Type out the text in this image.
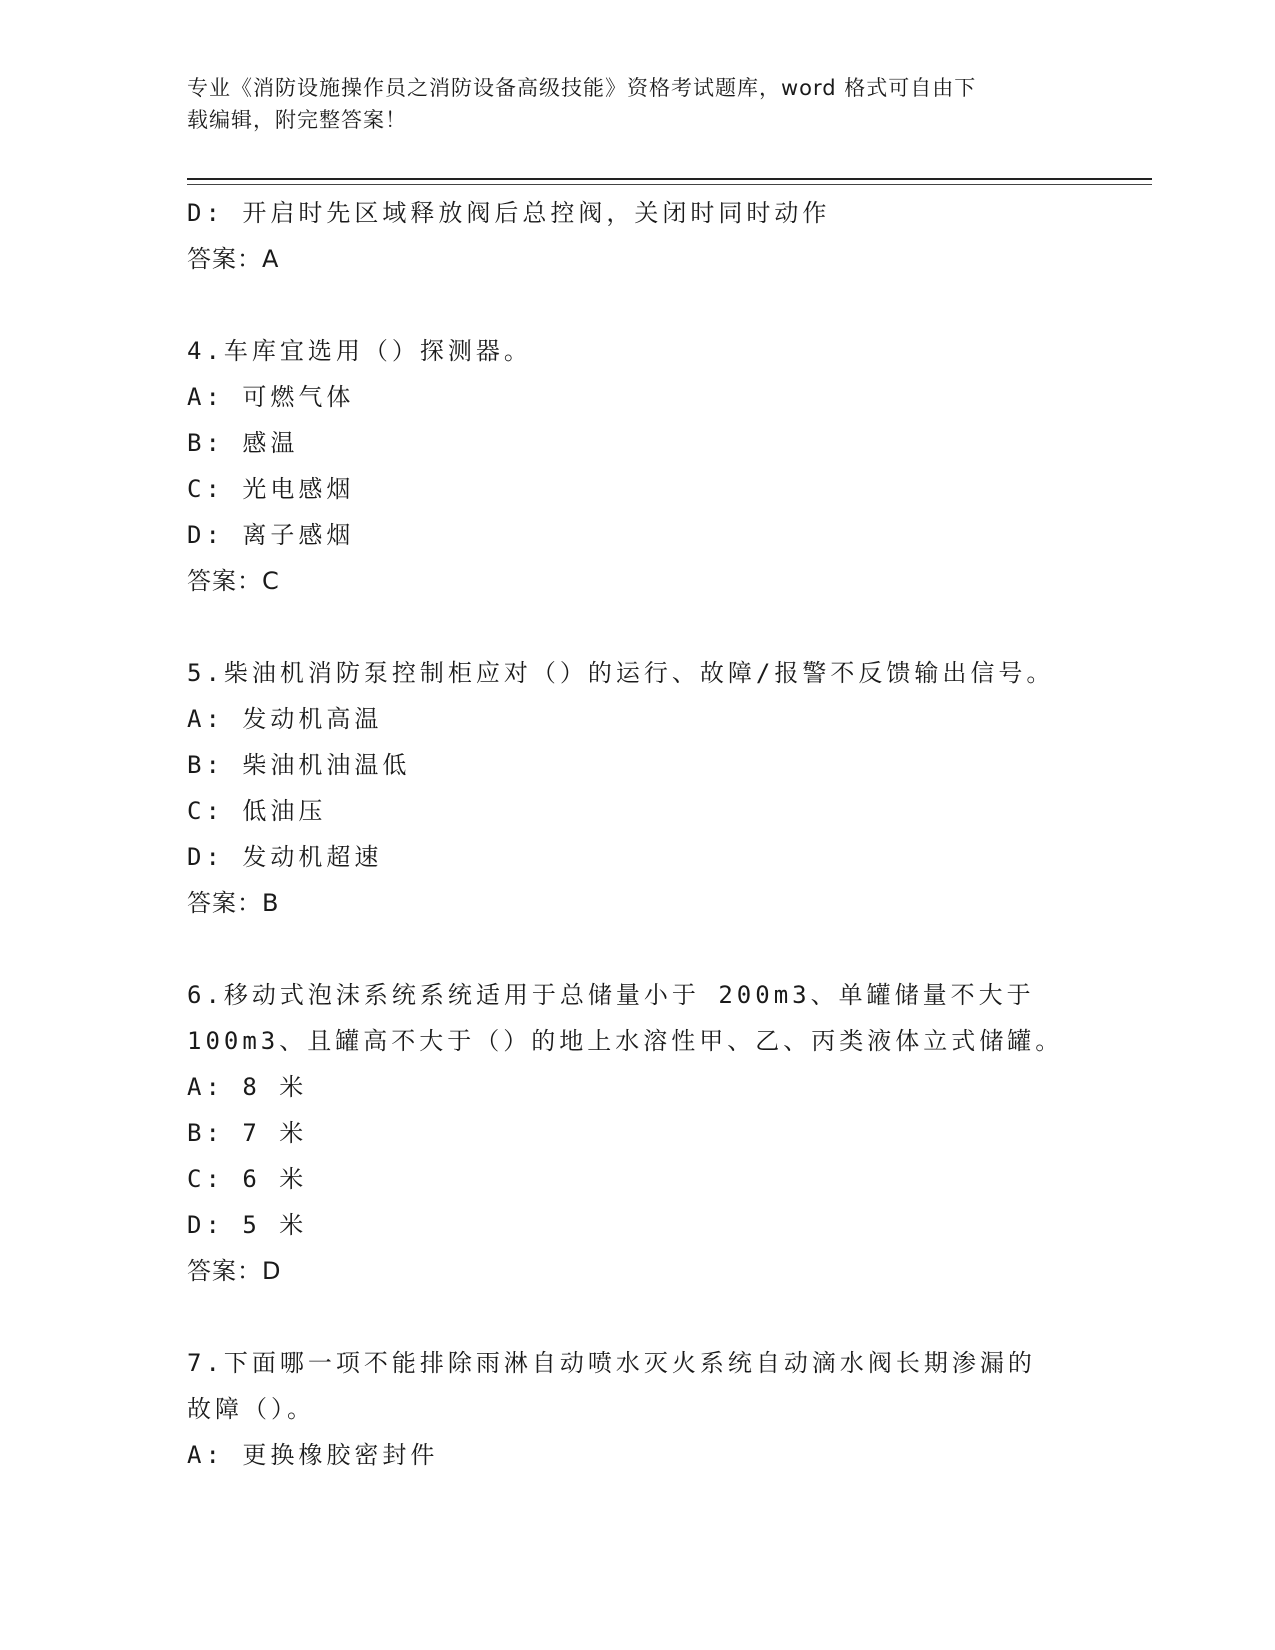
专业《消防设施操作员之消防设备高级技能》资格考试题库，word 格式可自由下
载编辑，附完整答案！
D: 开启时先区域释放阀后总控阀，关闭时同时动作
答案：A
4.车库宜选用（）探测器。
A: 可燃气体
B: 感温
C: 光电感烟
D: 离子感烟
答案：C
5.柴油机消防泵控制柜应对（）的运行、故障/报警不反馈输出信号。
A: 发动机高温
B: 柴油机油温低
C: 低油压
D: 发动机超速
答案：B
6.移动式泡沫系统系统适用于总储量小于 200m3、单罐储量不大于
100m3、且罐高不大于（）的地上水溶性甲、乙、丙类液体立式储罐。
A: 8 米
B: 7 米
C: 6 米
D: 5 米
答案：D
7.下面哪一项不能排除雨淋自动喷水灭火系统自动滴水阀长期渗漏的
故障（）。
A: 更换橡胶密封件
